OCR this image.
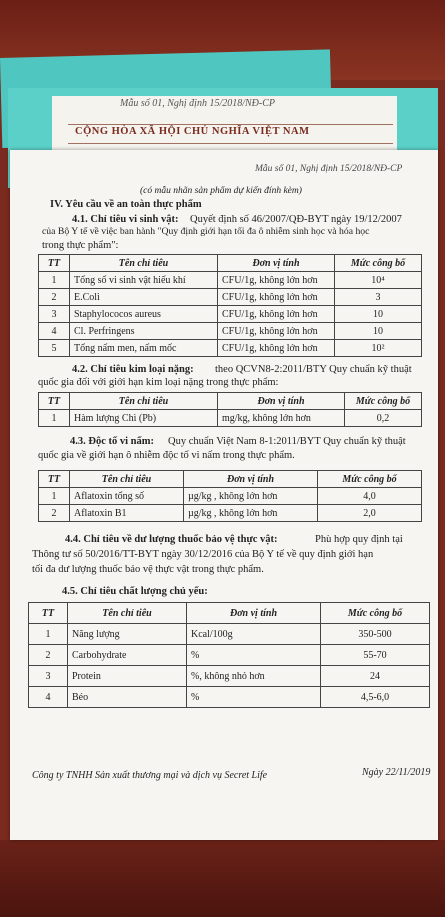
Mẫu số 01, Nghị định 15/2018/NĐ-CP
CỘNG HÒA XÃ HỘI CHỦ NGHĨA VIỆT NAM
Mẫu số 01, Nghị định 15/2018/NĐ-CP
(có mẫu nhãn sản phẩm dự kiến đính kèm)
IV. Yêu cầu về an toàn thực phẩm
4.1. Chỉ tiêu vi sinh vật: Quyết định số 46/2007/QĐ-BYT ngày 19/12/2007
của Bộ Y tế về việc ban hành "Quy định giới hạn tối đa ô nhiễm sinh học và hóa học
trong thực phẩm":
TT	Tên chỉ tiêu	Đơn vị tính	Mức công bố
1	Tổng số vi sinh vật hiếu khí	CFU/1g, không lớn hơn	10⁴
2	E.Coli	CFU/1g, không lớn hơn	3
3	Staphylococos aureus	CFU/1g, không lớn hơn	10
4	Cl. Perfringens	CFU/1g, không lớn hơn	10
5	Tổng nấm men, nấm mốc	CFU/1g, không lớn hơn	10²
4.2. Chỉ tiêu kim loại nặng: theo QCVN8-2:2011/BTY Quy chuẩn kỹ thuật
quốc gia đối với giới hạn kim loại nặng trong thực phẩm:
TT	Tên chỉ tiêu	Đơn vị tính	Mức công bố
1	Hàm lượng Chì (Pb)	mg/kg, không lớn hơn	0,2
4.3. Độc tố vi nấm: Quy chuẩn Việt Nam 8-1:2011/BYT Quy chuẩn kỹ thuật
quốc gia về giới hạn ô nhiễm độc tố vi nấm trong thực phẩm.
TT	Tên chỉ tiêu	Đơn vị tính	Mức công bố
1	Aflatoxin tổng số	µg/kg , không lớn hơn	4,0
2	Aflatoxin B1	µg/kg , không lớn hơn	2,0
4.4. Chỉ tiêu về dư lượng thuốc bảo vệ thực vật:	Phù hợp quy định tại
Thông tư số 50/2016/TT-BYT ngày 30/12/2016 của Bộ Y tế về quy định giới hạn
tối đa dư lượng thuốc bảo vệ thực vật trong thực phẩm.
4.5. Chỉ tiêu chất lượng chủ yếu:
TT	Tên chỉ tiêu	Đơn vị tính	Mức công bố
1	Năng lượng	Kcal/100g	350-500
2	Carbohydrate	%	55-70
3	Protein	%, không nhỏ hơn	24
4	Béo	%	4,5-6,0
Công ty TNHH Sản xuất thương mại và dịch vụ Secret Life	Ngày 22/11/2019
